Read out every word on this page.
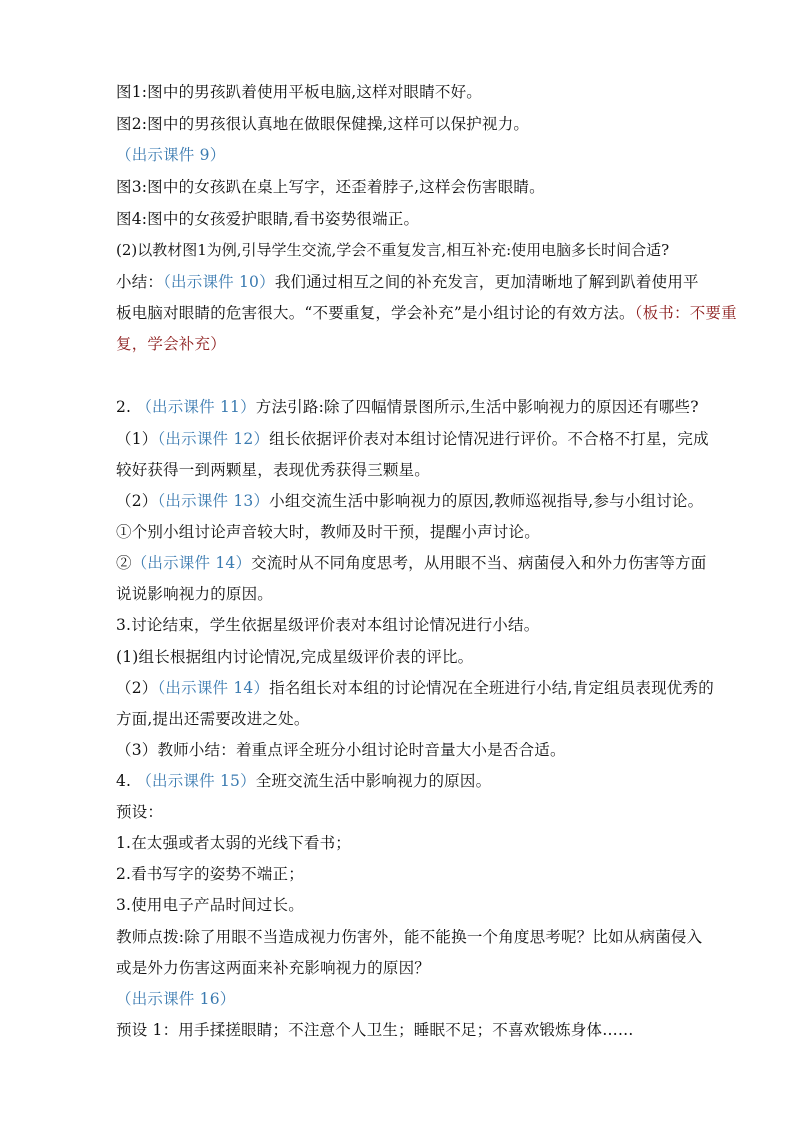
图1:图中的男孩趴着使用平板电脑,这样对眼睛不好。
图2:图中的男孩很认真地在做眼保健操,这样可以保护视力。
（出示课件 9）
图3:图中的女孩趴在桌上写字，还歪着脖子,这样会伤害眼睛。
图4:图中的女孩爱护眼睛,看书姿势很端正。
(2)以教材图1为例,引导学生交流,学会不重复发言,相互补充:使用电脑多长时间合适?
小结：（出示课件 10）我们通过相互之间的补充发言，更加清晰地了解到趴着使用平
板电脑对眼睛的危害很大。“不要重复，学会补充”是小组讨论的有效方法。（板书：不要重
复，学会补充）
2. （出示课件 11）方法引路:除了四幅情景图所示,生活中影响视力的原因还有哪些?
（1）（出示课件 12）组长依据评价表对本组讨论情况进行评价。不合格不打星，完成
较好获得一到两颗星，表现优秀获得三颗星。
（2）（出示课件 13）小组交流生活中影响视力的原因,教师巡视指导,参与小组讨论。
①个别小组讨论声音较大时，教师及时干预，提醒小声讨论。
②（出示课件 14）交流时从不同角度思考，从用眼不当、病菌侵入和外力伤害等方面
说说影响视力的原因。
3.讨论结束，学生依据星级评价表对本组讨论情况进行小结。
(1)组长根据组内讨论情况,完成星级评价表的评比。
（2）（出示课件 14）指名组长对本组的讨论情况在全班进行小结,肯定组员表现优秀的
方面,提出还需要改进之处。
（3）教师小结：着重点评全班分小组讨论时音量大小是否合适。
4. （出示课件 15）全班交流生活中影响视力的原因。
预设：
1.在太强或者太弱的光线下看书；
2.看书写字的姿势不端正；
3.使用电子产品时间过长。
教师点拨:除了用眼不当造成视力伤害外，能不能换一个角度思考呢？比如从病菌侵入
或是外力伤害这两面来补充影响视力的原因？
（出示课件 16）
预设 1：用手揉搓眼睛；不注意个人卫生；睡眠不足；不喜欢锻炼身体……
